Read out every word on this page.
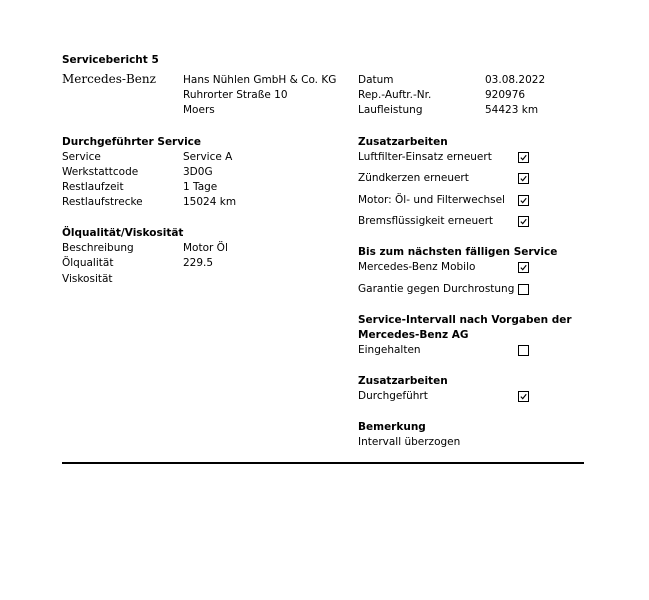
Servicebericht 5
Mercedes-Benz	Hans Nühlen GmbH & Co. KG
Ruhrorter Straße 10
Moers
Datum	03.08.2022
Rep.-Auftr.-Nr.	920976
Laufleistung	54423 km
Durchgeführter Service
Service	Service A
Werkstattcode	3D0G
Restlaufzeit	1 Tage
Restlaufstrecke	15024 km
Ölqualität/Viskosität
Beschreibung	Motor Öl
Ölqualität	229.5
Viskosität
Zusatzarbeiten
Luftfilter-Einsatz erneuert
Zündkerzen erneuert
Motor: Öl- und Filterwechsel
Bremsflüssigkeit erneuert
Bis zum nächsten fälligen Service
Mercedes-Benz Mobilo
Garantie gegen Durchrostung
Service-Intervall nach Vorgaben der
Mercedes-Benz AG
Eingehalten
Zusatzarbeiten
Durchgeführt
Bemerkung
Intervall überzogen
